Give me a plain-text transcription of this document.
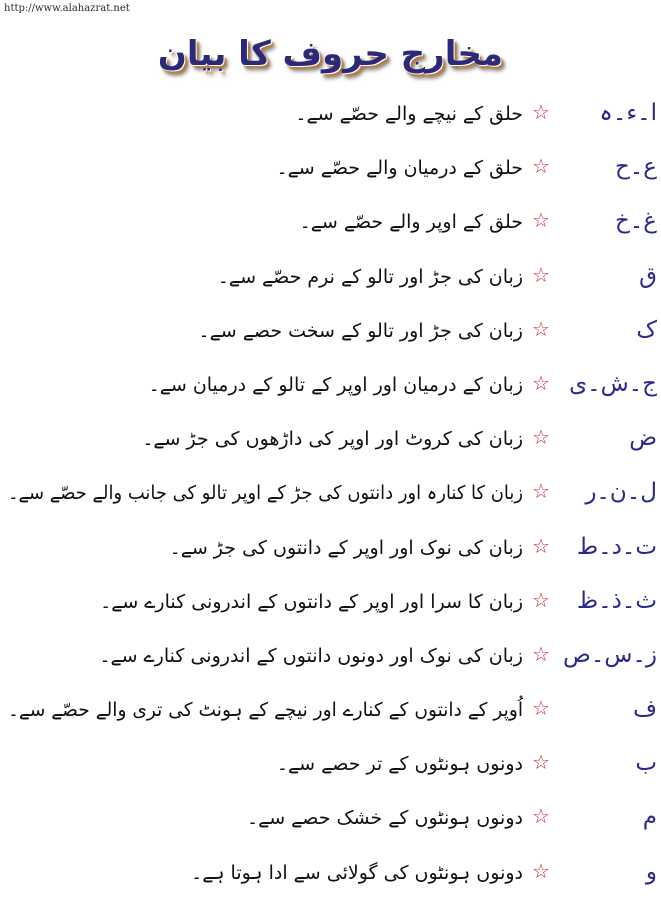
http://www.alahazrat.net
مخارج حروف کا بیان
ا۔ء۔ہ
☆
حلق کے نیچے والے حصّے سے۔
ع۔ح
☆
حلق کے درمیان والے حصّے سے۔
غ۔خ
☆
حلق کے اوپر والے حصّے سے۔
ق
☆
زبان کی جڑ اور تالو کے نرم حصّے سے۔
ک
☆
زبان کی جڑ اور تالو کے سخت حصے سے۔
ج۔ش۔ی
☆
زبان کے درمیان اور اوپر کے تالو کے درمیان سے۔
ض
☆
زبان کی کروٹ اور اوپر کی داڑھوں کی جڑ سے۔
ل۔ن۔ر
☆
زبان کا کنارہ اور دانتوں کی جڑ کے اوپر تالو کی جانب والے حصّے سے۔
ت۔د۔ط
☆
زبان کی نوک اور اوپر کے دانتوں کی جڑ سے۔
ث۔ذ۔ظ
☆
زبان کا سرا اور اوپر کے دانتوں کے اندرونی کنارے سے۔
ز۔س۔ص
☆
زبان کی نوک اور دونوں دانتوں کے اندرونی کنارے سے۔
ف
☆
اُوپر کے دانتوں کے کنارے اور نیچے کے ہونٹ کی تری والے حصّے سے۔
ب
☆
دونوں ہونٹوں کے تر حصے سے۔
م
☆
دونوں ہونٹوں کے خشک حصے سے۔
و
☆
دونوں ہونٹوں کی گولائی سے ادا ہوتا ہے۔
